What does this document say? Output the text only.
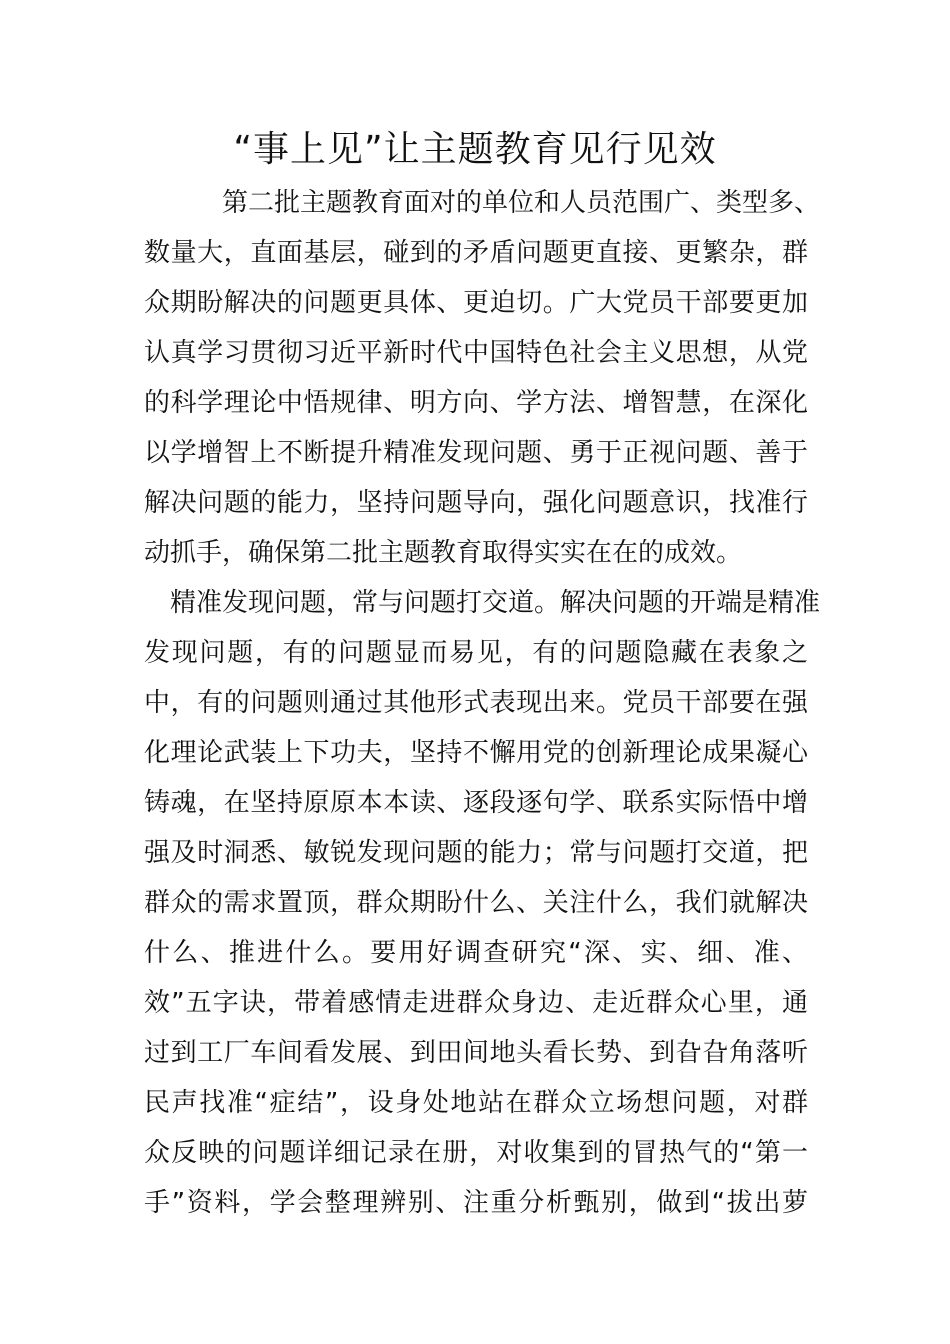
“事上见”让主题教育见行见效
第二批主题教育面对的单位和人员范围广、类型多、
数量大，直面基层，碰到的矛盾问题更直接、更繁杂，群
众期盼解决的问题更具体、更迫切。广大党员干部要更加
认真学习贯彻习近平新时代中国特色社会主义思想，从党
的科学理论中悟规律、明方向、学方法、增智慧，在深化
以学增智上不断提升精准发现问题、勇于正视问题、善于
解决问题的能力，坚持问题导向，强化问题意识，找准行
动抓手，确保第二批主题教育取得实实在在的成效。
精准发现问题，常与问题打交道。解决问题的开端是精准
发现问题，有的问题显而易见，有的问题隐藏在表象之
中，有的问题则通过其他形式表现出来。党员干部要在强
化理论武装上下功夫，坚持不懈用党的创新理论成果凝心
铸魂，在坚持原原本本读、逐段逐句学、联系实际悟中增
强及时洞悉、敏锐发现问题的能力；常与问题打交道，把
群众的需求置顶，群众期盼什么、关注什么，我们就解决
什么、推进什么。要用好调查研究“深、实、细、准、
效”五字诀，带着感情走进群众身边、走近群众心里，通
过到工厂车间看发展、到田间地头看长势、到旮旮角落听
民声找准“症结”，设身处地站在群众立场想问题，对群
众反映的问题详细记录在册，对收集到的冒热气的“第一
手”资料，学会整理辨别、注重分析甄别，做到“拔出萝
